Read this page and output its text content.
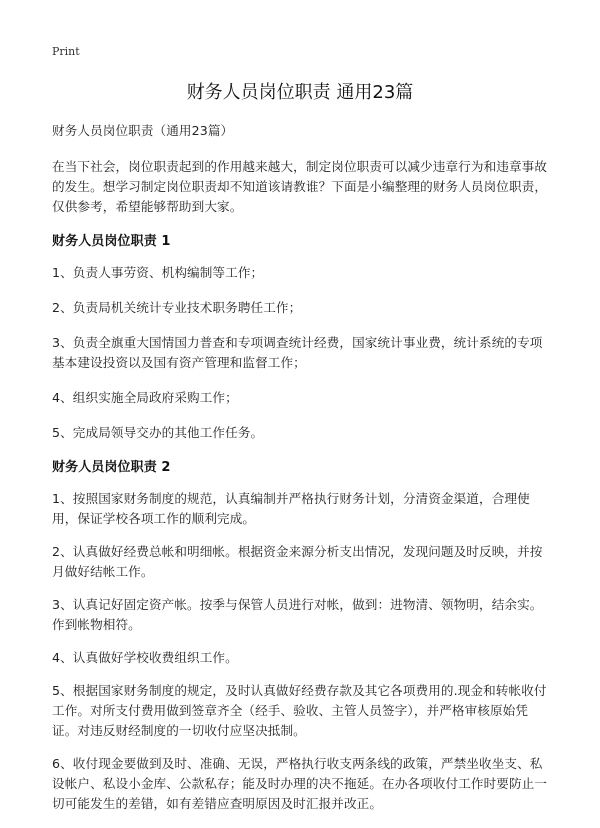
Print
财务人员岗位职责 通用23篇

财务人员岗位职责（通用23篇）

在当下社会，岗位职责起到的作用越来越大，制定岗位职责可以减少违章行为和违章事故的发生。想学习制定岗位职责却不知道该请教谁？下面是小编整理的财务人员岗位职责，仅供参考，希望能够帮助到大家。

财务人员岗位职责 1

1、负责人事劳资、机构编制等工作；

2、负责局机关统计专业技术职务聘任工作；

3、负责全旗重大国情国力普查和专项调查统计经费，国家统计事业费，统计系统的专项基本建设投资以及国有资产管理和监督工作；

4、组织实施全局政府采购工作；

5、完成局领导交办的其他工作任务。

财务人员岗位职责 2

1、按照国家财务制度的规范，认真编制并严格执行财务计划，分清资金渠道，合理使用，保证学校各项工作的顺利完成。

2、认真做好经费总帐和明细帐。根据资金来源分析支出情况，发现问题及时反映，并按月做好结帐工作。

3、认真记好固定资产帐。按季与保管人员进行对帐，做到：进物清、领物明，结余实。作到帐物相符。

4、认真做好学校收费组织工作。

5、根据国家财务制度的规定，及时认真做好经费存款及其它各项费用的.现金和转帐收付工作。对所支付费用做到签章齐全（经手、验收、主管人员签字），并严格审核原始凭证。对违反财经制度的一切收付应坚决抵制。

6、收付现金要做到及时、准确、无误，严格执行收支两条线的政策，严禁坐收坐支、私设帐户、私设小金库、公款私存；能及时办理的决不拖延。在办各项收付工作时要防止一切可能发生的差错，如有差错应查明原因及时汇报并改正。
